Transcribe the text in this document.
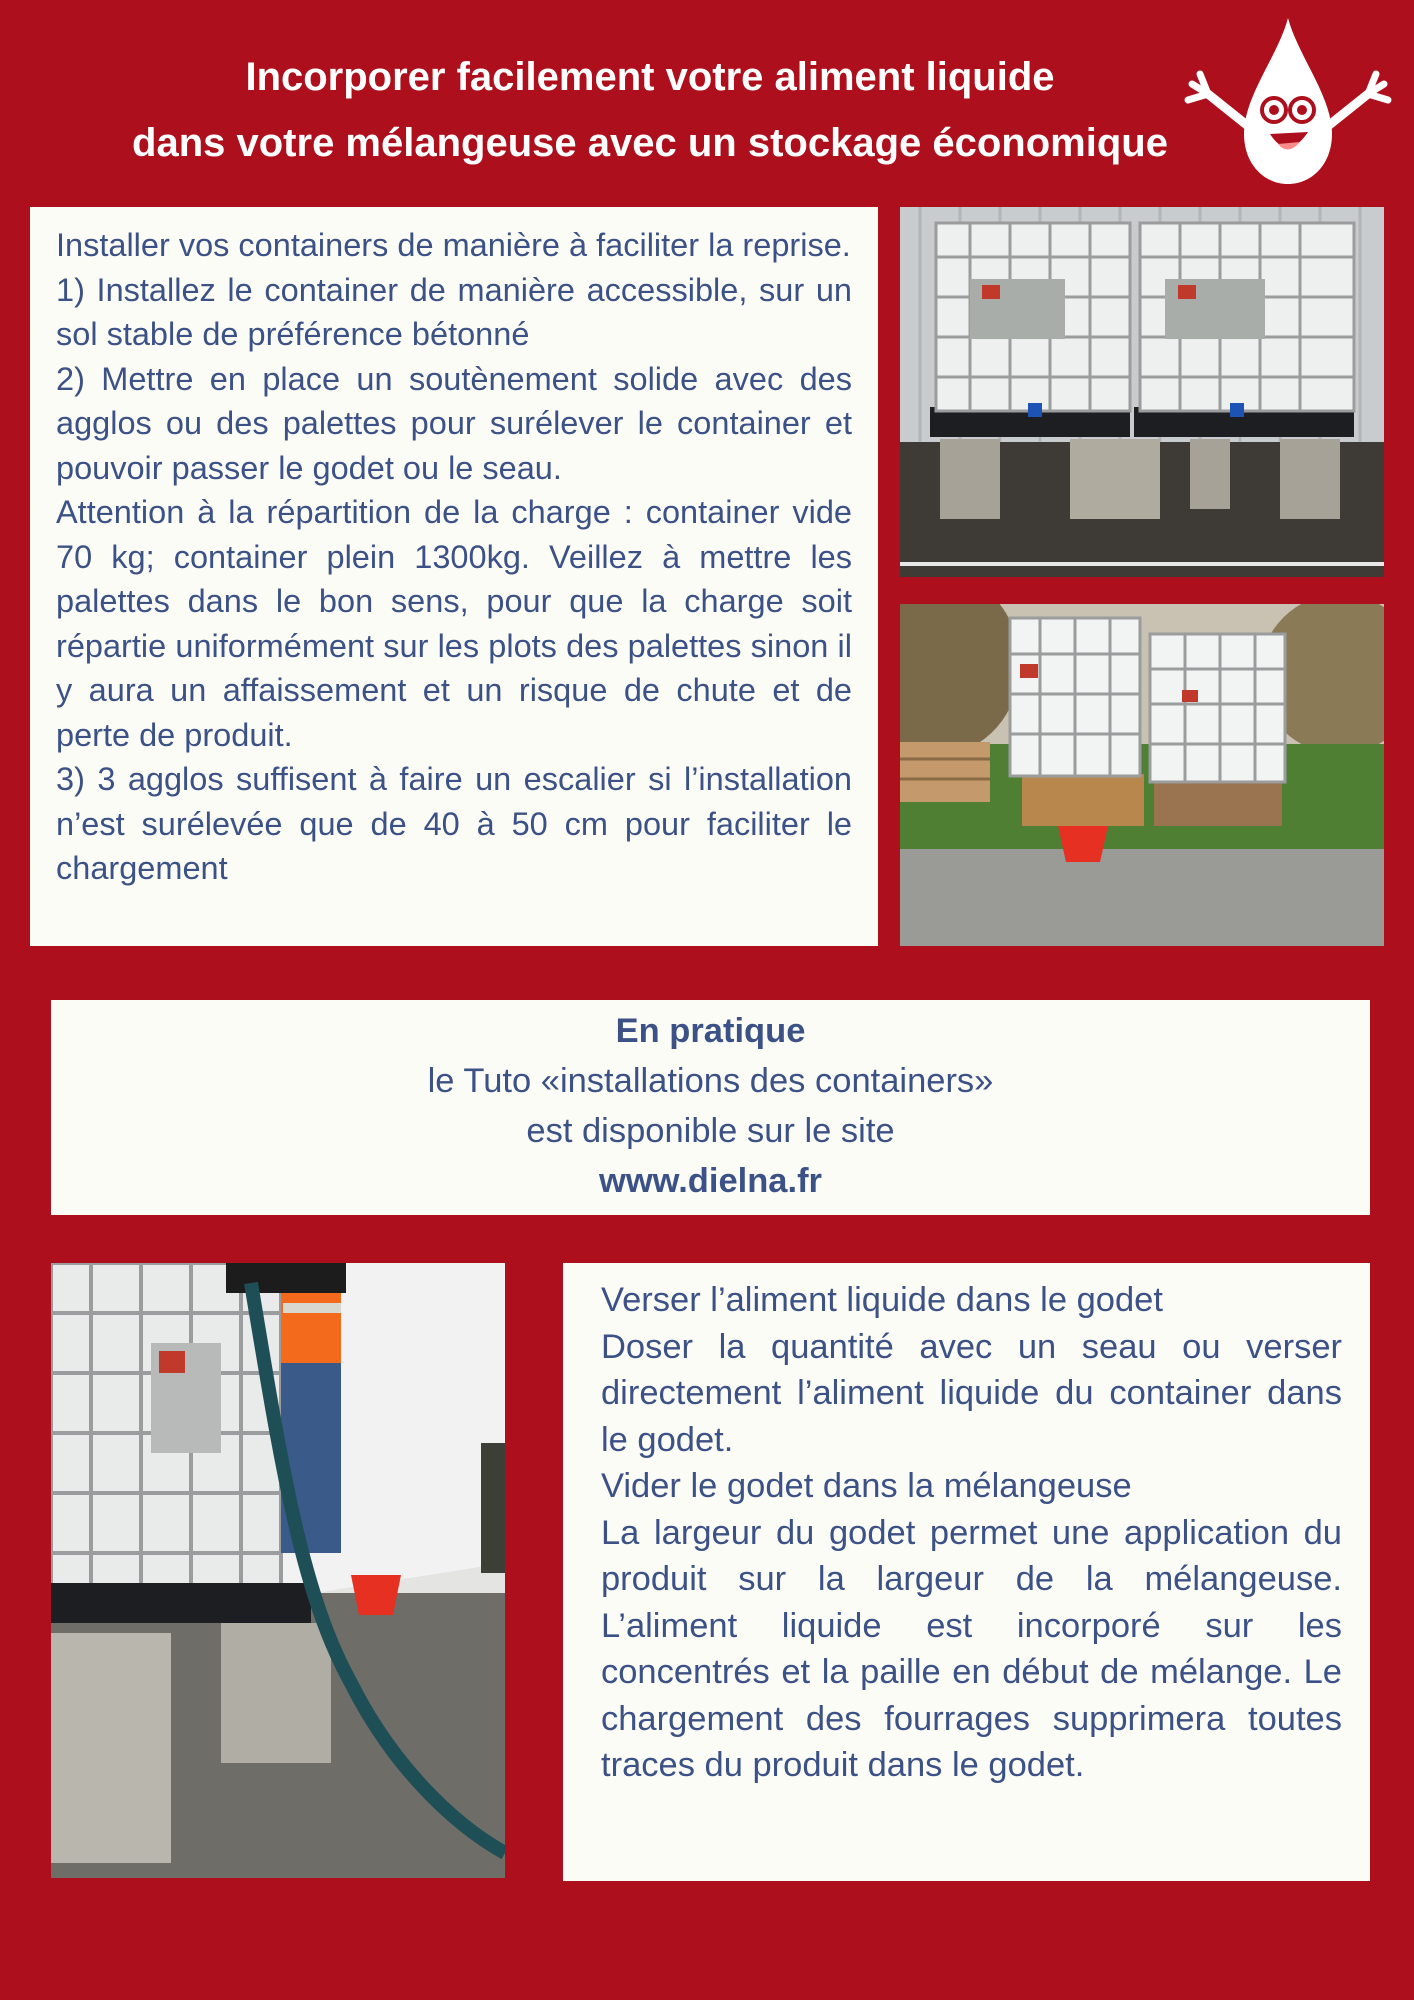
Incorporer facilement votre aliment liquide
dans votre mélangeuse avec un stockage économique

Installer vos containers de manière à faciliter la reprise.

1) Installez le container de manière accessible, sur un sol stable de préférence bétonné

2) Mettre en place un soutènement solide avec des agglos ou des palettes pour surélever le container et pouvoir passer le godet ou le seau.

Attention à la répartition de la charge : container vide 70 kg; container plein 1300kg. Veillez à mettre les palettes dans le bon sens, pour que la charge soit répartie uniformément sur les plots des palettes sinon il y aura un affaissement et un risque de chute et de perte de produit.

3) 3 agglos suffisent à faire un escalier si l’installation n’est surélevée que de 40 à 50 cm pour faciliter le chargement

En pratique
le Tuto «installations des containers»
est disponible sur le site
www.dielna.fr

Verser l’aliment liquide dans le godet

Doser la quantité avec un seau ou verser directement l’aliment liquide du container dans le godet.

Vider le godet dans la mélangeuse

La largeur du godet permet une application du produit sur la largeur de la mélangeuse. L’aliment liquide est incorporé sur les concentrés et la paille en début de mélange. Le chargement des fourrages supprimera toutes traces du produit dans le godet.
